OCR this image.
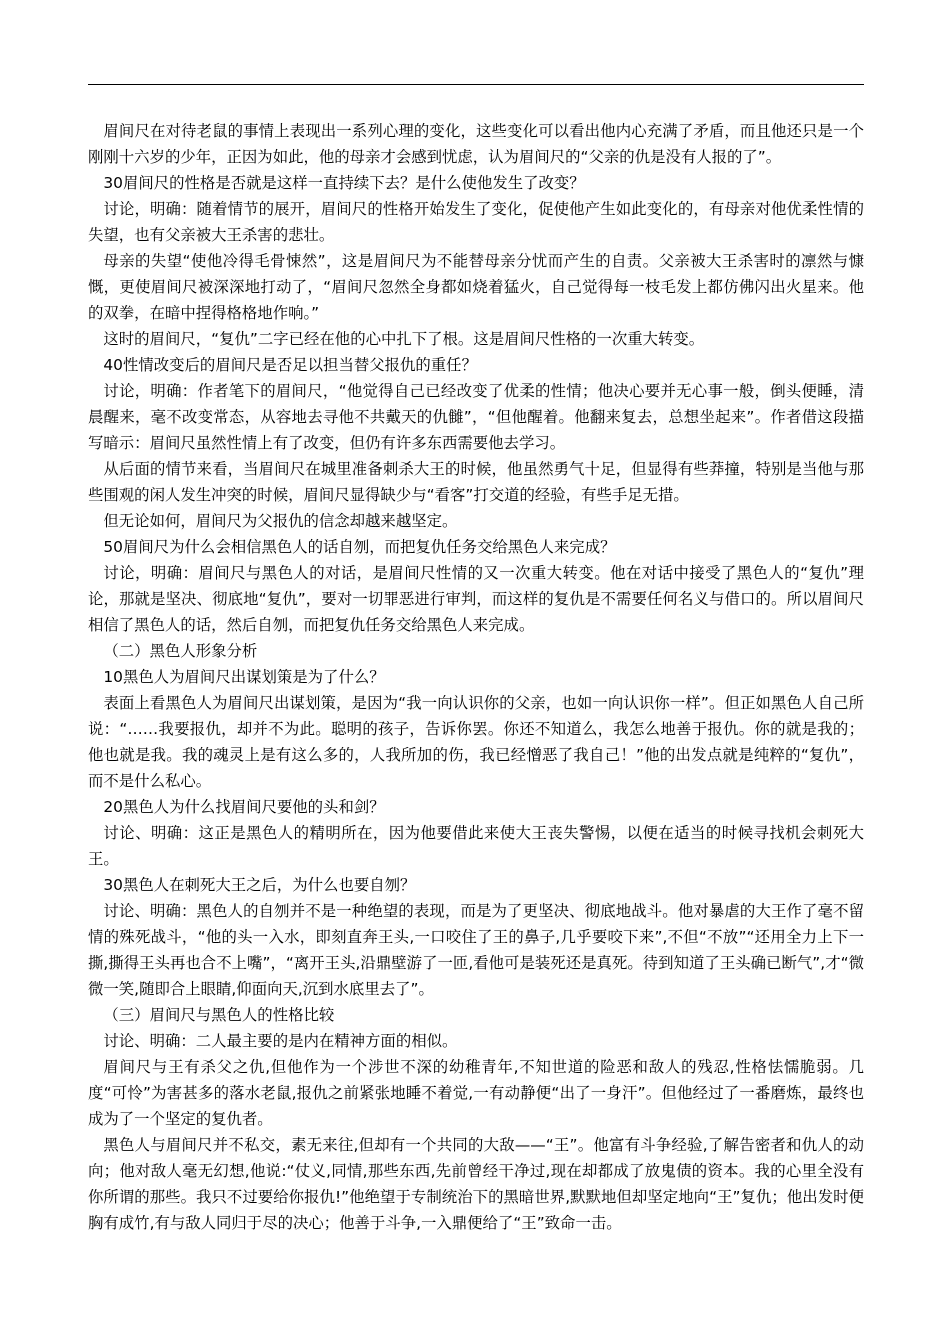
眉间尺在对待老鼠的事情上表现出一系列心理的变化，这些变化可以看出他内心充满了矛盾，而且他还只是一个刚刚十六岁的少年，正因为如此，他的母亲才会感到忧虑，认为眉间尺的“父亲的仇是没有人报的了”。

30眉间尺的性格是否就是这样一直持续下去？是什么使他发生了改变？

讨论，明确：随着情节的展开，眉间尺的性格开始发生了变化，促使他产生如此变化的，有母亲对他优柔性情的失望，也有父亲被大王杀害的悲壮。

母亲的失望“使他冷得毛骨悚然”，这是眉间尺为不能替母亲分忧而产生的自责。父亲被大王杀害时的凛然与慷慨，更使眉间尺被深深地打动了，“眉间尺忽然全身都如烧着猛火，自己觉得每一枝毛发上都仿佛闪出火星来。他的双拳，在暗中捏得格格地作响。”

这时的眉间尺，“复仇”二字已经在他的心中扎下了根。这是眉间尺性格的一次重大转变。

40性情改变后的眉间尺是否足以担当替父报仇的重任？

讨论，明确：作者笔下的眉间尺，“他觉得自己已经改变了优柔的性情；他决心要并无心事一般，倒头便睡，清晨醒来，毫不改变常态，从容地去寻他不共戴天的仇雠”，“但他醒着。他翻来复去，总想坐起来”。作者借这段描写暗示：眉间尺虽然性情上有了改变，但仍有许多东西需要他去学习。

从后面的情节来看，当眉间尺在城里准备刺杀大王的时候，他虽然勇气十足，但显得有些莽撞，特别是当他与那些围观的闲人发生冲突的时候，眉间尺显得缺少与“看客”打交道的经验，有些手足无措。

但无论如何，眉间尺为父报仇的信念却越来越坚定。

50眉间尺为什么会相信黑色人的话自刎，而把复仇任务交给黑色人来完成？

讨论，明确：眉间尺与黑色人的对话，是眉间尺性情的又一次重大转变。他在对话中接受了黑色人的“复仇”理论，那就是坚决、彻底地“复仇”，要对一切罪恶进行审判，而这样的复仇是不需要任何名义与借口的。所以眉间尺相信了黑色人的话，然后自刎，而把复仇任务交给黑色人来完成。

（二）黑色人形象分析

10黑色人为眉间尺出谋划策是为了什么？

表面上看黑色人为眉间尺出谋划策，是因为“我一向认识你的父亲，也如一向认识你一样”。但正如黑色人自己所说：“……我要报仇，却并不为此。聪明的孩子，告诉你罢。你还不知道么，我怎么地善于报仇。你的就是我的；他也就是我。我的魂灵上是有这么多的，人我所加的伤，我已经憎恶了我自己！”他的出发点就是纯粹的“复仇”，而不是什么私心。

20黑色人为什么找眉间尺要他的头和剑？

讨论、明确：这正是黑色人的精明所在，因为他要借此来使大王丧失警惕，以便在适当的时候寻找机会刺死大王。

30黑色人在刺死大王之后，为什么也要自刎？

讨论、明确：黑色人的自刎并不是一种绝望的表现，而是为了更坚决、彻底地战斗。他对暴虐的大王作了毫不留情的殊死战斗，“他的头一入水，即刻直奔王头,一口咬住了王的鼻子,几乎要咬下来”,不但“不放”“还用全力上下一撕,撕得王头再也合不上嘴”，“离开王头,沿鼎壁游了一匝,看他可是装死还是真死。待到知道了王头确已断气”,才“微微一笑,随即合上眼睛,仰面向天,沉到水底里去了”。

（三）眉间尺与黑色人的性格比较

讨论、明确：二人最主要的是内在精神方面的相似。

眉间尺与王有杀父之仇,但他作为一个涉世不深的幼稚青年,不知世道的险恶和敌人的残忍,性格怯懦脆弱。几度“可怜”为害甚多的落水老鼠,报仇之前紧张地睡不着觉,一有动静便“出了一身汗”。但他经过了一番磨炼，最终也成为了一个坚定的复仇者。

黑色人与眉间尺并不私交，素无来往,但却有一个共同的大敌——“王”。他富有斗争经验,了解告密者和仇人的动向；他对敌人毫无幻想,他说:“仗义,同情,那些东西,先前曾经干净过,现在却都成了放鬼债的资本。我的心里全没有你所谓的那些。我只不过要给你报仇!”他绝望于专制统治下的黑暗世界,默默地但却坚定地向“王”复仇；他出发时便胸有成竹,有与敌人同归于尽的决心；他善于斗争,一入鼎便给了“王”致命一击。
